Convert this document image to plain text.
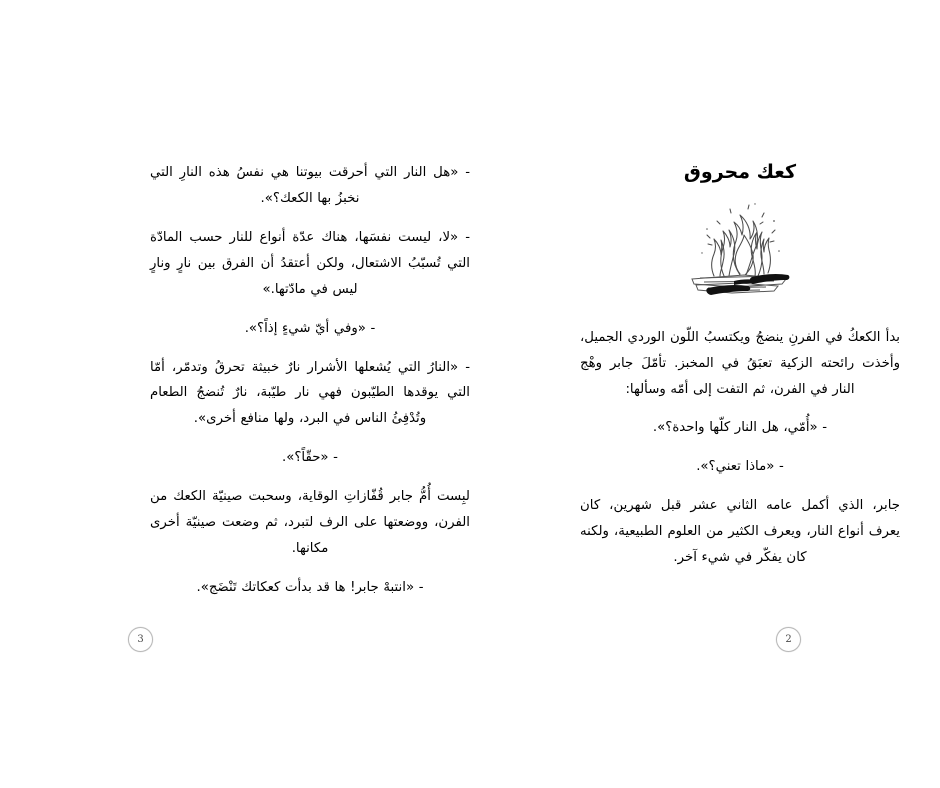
كعك محروق

بدأ الكعكُ في الفرنِ ينضجُ ويكتسبُ اللّون الوردي الجميل، وأخذت رائحته الزكية تعبَقُ في المخبز. تأمّلَ جابر وهْج النار في الفرن، ثم التفت إلى أمّه وسألها:

- «أُمّي، هل النار كلّها واحدة؟».

- «ماذا تعني؟».

جابر، الذي أكمل عامه الثاني عشر قبل شهرين، كان يعرف أنواع النار، ويعرف الكثير من العلوم الطبيعية، ولكنه كان يفكّر في شيء آخر.

2

- «هل النار التي أحرقت بيوتنا هي نفسُ هذه النارِ التي نخبزُ بها الكعك؟».

- «لا، ليست نفسَها، هناك عدّة أنواع للنار حسب المادّة التي تُسبّبُ الاشتعال، ولكن أعتقدُ أن الفرق بين نارٍ ونارٍ ليس في مادّتها.»

- «وفي أيّ شيءٍ إذاً؟».

- «النارُ التي يُشعلها الأشرار نارٌ خبيثة تحرقُ وتدمّر، أمّا التي يوقدها الطيّبون فهي نار طيّبة، نارٌ تُنضجُ الطعام وتُدْفِئُ الناس في البرد، ولها منافع أخرى».

- «حقّاً؟».

لبِست أُمُّ جابر قُفّازاتِ الوقاية، وسحبت صينيّة الكعك من الفرن، ووضعتها على الرف لتبرد، ثم وضعت صينيّة أخرى مكانها.

- «انتبهْ جابر! ها قد بدأت كعكاتك تَنْضَج».

3
